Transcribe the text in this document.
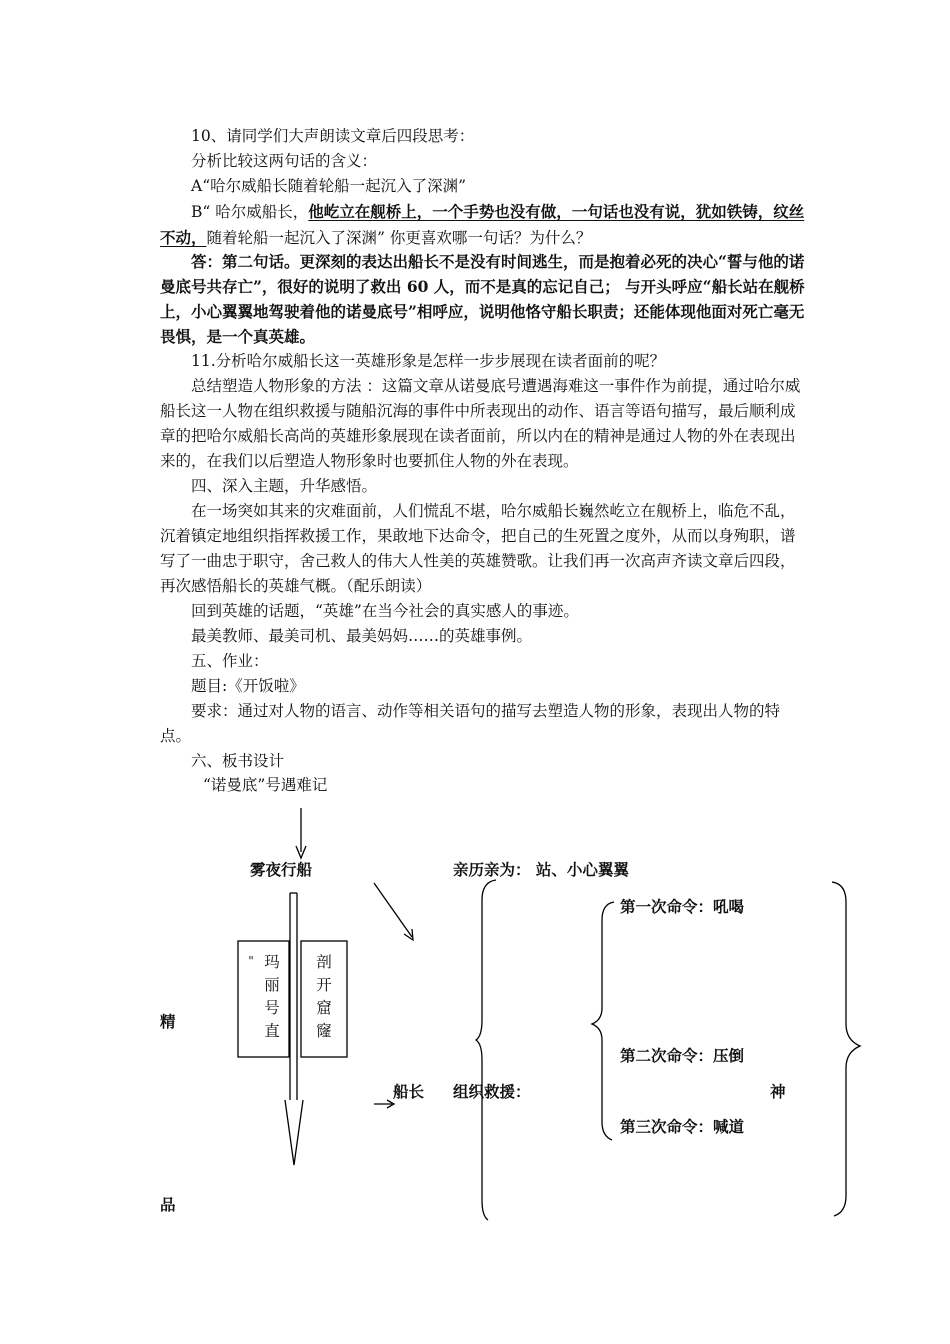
10、请同学们大声朗读文章后四段思考：
分析比较这两句话的含义：
A“哈尔威船长随着轮船一起沉入了深渊”
B“ 哈尔威船长，他屹立在舰桥上，一个手势也没有做，一句话也没有说，犹如铁铸，纹丝不动，随着轮船一起沉入了深渊” 你更喜欢哪一句话？为什么？
答：第二句话。更深刻的表达出船长不是没有时间逃生，而是抱着必死的决心“誓与他的诺曼底号共存亡”，很好的说明了救出 60 人，而不是真的忘记自己； 与开头呼应“船长站在舰桥上，小心翼翼地驾驶着他的诺曼底号”相呼应，说明他恪守船长职责；还能体现他面对死亡毫无畏惧，是一个真英雄。
11.分析哈尔威船长这一英雄形象是怎样一步步展现在读者面前的呢？
总结塑造人物形象的方法 ：这篇文章从诺曼底号遭遇海难这一事件作为前提，通过哈尔威船长这一人物在组织救援与随船沉海的事件中所表现出的动作、语言等语句描写，最后顺利成章的把哈尔威船长高尚的英雄形象展现在读者面前，所以内在的精神是通过人物的外在表现出来的，在我们以后塑造人物形象时也要抓住人物的外在表现。
四、深入主题，升华感悟。
在一场突如其来的灾难面前，人们慌乱不堪，哈尔威船长巍然屹立在舰桥上，临危不乱，沉着镇定地组织指挥救援工作，果敢地下达命令，把自己的生死置之度外，从而以身殉职，谱写了一曲忠于职守，舍己救人的伟大人性美的英雄赞歌。让我们再一次高声齐读文章后四段，再次感悟船长的英雄气概。（配乐朗读）
回到英雄的话题，“英雄”在当今社会的真实感人的事迹。
最美教师、最美司机、最美妈妈……的英雄事例。
五、作业：
题目:《开饭啦》
要求：通过对人物的语言、动作等相关语句的描写去塑造人物的形象，表现出人物的特点。
六、板书设计
“诺曼底”号遇难记
雾夜行船	亲历亲为： 站、小心翼翼
第一次命令：吼喝
第二次命令：压倒
第三次命令：喊道
神
船长 组织救援：
精
品
" 玛丽号直
剖开窟窿
